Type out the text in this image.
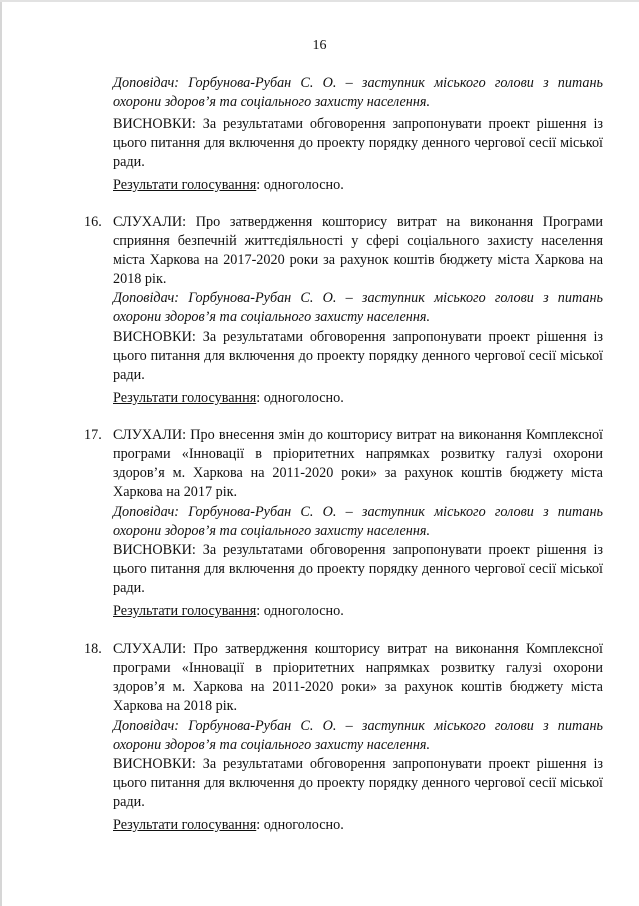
16

Доповідач: Горбунова-Рубан С. О. – заступник міського голови з питань охорони здоров’я та соціального захисту населення.

ВИСНОВКИ: За результатами обговорення запропонувати проект рішення із цього питання для включення до проекту порядку денного чергової сесії міської ради.

Результати голосування: одноголосно.

16. СЛУХАЛИ: Про затвердження кошторису витрат на виконання Програми сприяння безпечній життєдіяльності у сфері соціального захисту населення міста Харкова на 2017-2020 роки за рахунок коштів бюджету міста Харкова на 2018 рік.

Доповідач: Горбунова-Рубан С. О. – заступник міського голови з питань охорони здоров’я та соціального захисту населення.

ВИСНОВКИ: За результатами обговорення запропонувати проект рішення із цього питання для включення до проекту порядку денного чергової сесії міської ради.

Результати голосування: одноголосно.

17. СЛУХАЛИ: Про внесення змін до кошторису витрат на виконання Комплексної програми «Інновації в пріоритетних напрямках розвитку галузі охорони здоров’я м. Харкова на 2011-2020 роки» за рахунок коштів бюджету міста Харкова на 2017 рік.

Доповідач: Горбунова-Рубан С. О. – заступник міського голови з питань охорони здоров’я та соціального захисту населення.

ВИСНОВКИ: За результатами обговорення запропонувати проект рішення із цього питання для включення до проекту порядку денного чергової сесії міської ради.

Результати голосування: одноголосно.

18. СЛУХАЛИ: Про затвердження кошторису витрат на виконання Комплексної програми «Інновації в пріоритетних напрямках розвитку галузі охорони здоров’я м. Харкова на 2011-2020 роки» за рахунок коштів бюджету міста Харкова на 2018 рік.

Доповідач: Горбунова-Рубан С. О. – заступник міського голови з питань охорони здоров’я та соціального захисту населення.

ВИСНОВКИ: За результатами обговорення запропонувати проект рішення із цього питання для включення до проекту порядку денного чергової сесії міської ради.

Результати голосування: одноголосно.
